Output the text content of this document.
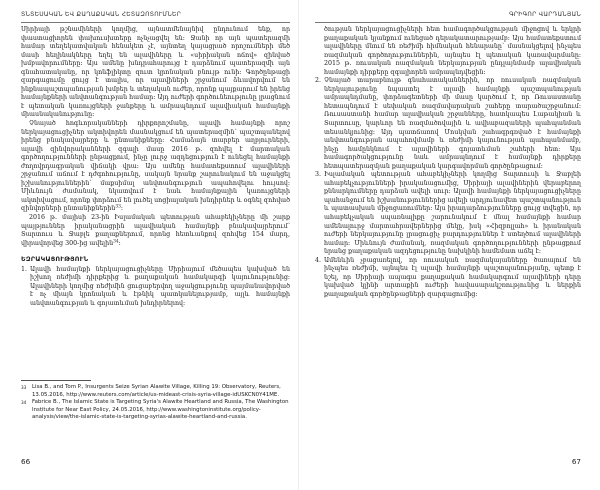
ՏՆՏԵՍԱԿԱՆ ԵՎ ՔԱՂԱՔԱԿԱՆ ՀԵՏԱԶՈՏՈՒՄՆԵՐ

Սիրիայի թշնամիների կողմից, այնատմենայնիվ ընդունում ենք, որ փաստացիորեն փախուսխտերը ոչնչացվել են: Ջանի որ այն պատերազմի համար տեղեկատվական հենակետ չէ, այնտեղ կայացրած որոշումների մեծ մասի հեղինակները եղել են ալավիները և «սիրիական ոճով» զինված խմբավորումները: Այս ամենը խնդրահարույց է դարձնում պատերազմի այն գնահատականը, որ կոնֆլիկտը զուտ կրոնական բնույթ ունի: Գործընթացի զարգացումը ցույց է տալիս, որ ալավիների շրջանում ձևավորվում են ինքնապաշտպանության խմբեր և տեղական ուժեր, որոնք պայքարում են իրենց համայնքների անվտանգության համար: Այդ ուժերի գործունեությունը լրացնում է պետական կառույցների ջանքերը և ամրապնդում ալավիական համայնքի միասնականությունը:

Չնայած հոգևորականների դիրքորոշմանը, ալավի համայնքի որոշ ներկայացուցիչներ ակտիվորեն մասնակցում են պատերազմին՝ պաշտպանելով իրենց բնակավայրերը և ընտանիքները: Համաձայն տարբեր աղբյուրների, ալավի զինվորականների զգալի մասը 2016 թ. զոհվել է մարտական գործողությունների ընթացքում, ինչը լուրջ ազդեցություն է ունեցել համայնքի ժողովրդագրական վիճակի վրա: Այս ամենը համատեքստում ալավիների շրջանում աճում է դժգոհությունը, սակայն նրանք շարունակում են աջակցել իշխանություններին՝ մաքսիմալ անվտանգություն ապահովելու հույսով: Միևնույն ժամանակ, նկատվում է նաև համայնքային կառույցների ակտիվացում, որոնք փորձում են լուծել սոցիալական խնդիրներ և օգնել զոհված զինվորների ընտանիքներին$^{33}$:

2016 թ. մայիսի 23-ին Իսլամական պետության ահաբեկիչները մի շարք պայթյուններ իրականացրին ալավիական համայնքի բնակավայրերում՝ Տարտուս և Ջաբլե քաղաքներում, որոնց հետևանքով զոհվեց 154 մարդ, վիրավորվեց 300-ից ավելին$^{34}$:

ԵԶՐԱԿԱՑՈՒԹՅՈՒՆ
1. Ալավի համայնքի ներկայացուցիչները Սիրիայում մեծապես կախված են իշխող ռեժիմի դիրքերից և քաղաքական համակարգի կայունությունից: Ալավիների կողմից ռեժիմին ցուցաբերվող աջակցությունը պայմանավորված է ոչ միայն կրոնական և էթնիկ պատկանելությամբ, այլև համայնքի անվտանգության և գոյատևման խնդիրներով:
33 Lisa B., and Tom P., Insurgents Seize Syrian Alawite Village, Killing 19: Observatory, Reuters, 13.05.2016, http://www.reuters.com/article/us-mideast-crisis-syria-village-idUSKCN0Y41ME.
34 Fabrice B., The Islamic State is Targeting Syria's Alawite Heartland and Russia, The Washington Institute for Near East Policy, 24.05.2016, http://www.washingtoninstitute.org/policy-analysis/view/the-islamic-state-is-targeting-syrias-alawite-heartland-and-russia.
66
ԳՐԻԳՈՐ ՎԱՐԴԱՆՅԱՆ

ծության ներկայացուցիչների հետ համագործակցության միջոցով և երկրի քաղաքական կյանքում ունեցած դերակատարությամբ: Այս համատեքստում ալավիները մնում են ռեժիմի հիմնական հենարանը՝ մասնակցելով ինչպես ռազմական գործողություններին, այնպես էլ պետական կառավարմանը: 2015 թ. ռուսական ռազմական ներկայության ընդլայնմամբ ալավիական համայնքի դիրքերը զգալիորեն ամրապնդվեցին:

2. Չնայած տարաբնույթ գնահատականներին, որ ռուսական ռազմական ներկայությունը նպաստել է ալավի համայնքի պաշտպանության ամրապնդմանը, փորձագետների մի մասը կարծում է, որ Ռուսաստանը հետապնդում է սեփական ռազմավարական շահերը տարածաշրջանում: Ռուսաստանի համար ալավիական շրջանները, հատկապես Լաթակիան և Տարտուսը, կարևոր են ռազմածովային և ավիաբազաների պահպանման տեսանկյունից: Այդ պատճառով Մոսկվան շահագրգռված է համայնքի անվտանգության ապահովմամբ և ռեժիմի կայունության պահպանմամբ, ինչը համընկնում է ալավիների գոյատևման շահերի հետ: Այս համագործակցությունը նաև ամրապնդում է համայնքի դիրքերը հետպատերազմյան քաղաքական կարգավորման գործընթացում:
3. Իսլամական պետության ահաբեկիչների կողմից Տարտուսի և Ջաբլեի ահաբեկչությունների իրականացումից, Սիրիայի ալավիներին վերաբերող քննարկումները դարձան ավելի սուր: Ալավի համայնքի ներկայացուցիչները պահանջում են իշխանություններից ավելի արդյունավետ պաշտպանություն և պատասխան միջոցառումներ: Այս իրադարձությունները ցույց տվեցին, որ ահաբեկչական սպառնալիքը շարունակում է մնալ համայնքի համար ամենալուրջ մարտահրավերներից մեկը, իսկ «Հիզբոլլահ» և իրանական ուժերի ներկայությունը լրացուցիչ բարդություններ է ստեղծում ալավիների համար: Միևնույն ժամանակ, ռազմական գործողությունների ընթացքում նրանց քաղաքական ազդեցությունը նախկինի համեմատ աճել է:
4. Ամենևին չբացառելով, որ ռուսական ռազմակայանները ծառայում են ինչպես ռեժիմի, այնպես էլ ալավի համայնքի պաշտպանությանը, պետք է նշել, որ Սիրիայի ապագա քաղաքական համակարգում ալավիների դերը կախված կլինի արտաքին ուժերի հավասարակշռությունից և ներքին քաղաքական գործընթացների զարգացումից:
67
